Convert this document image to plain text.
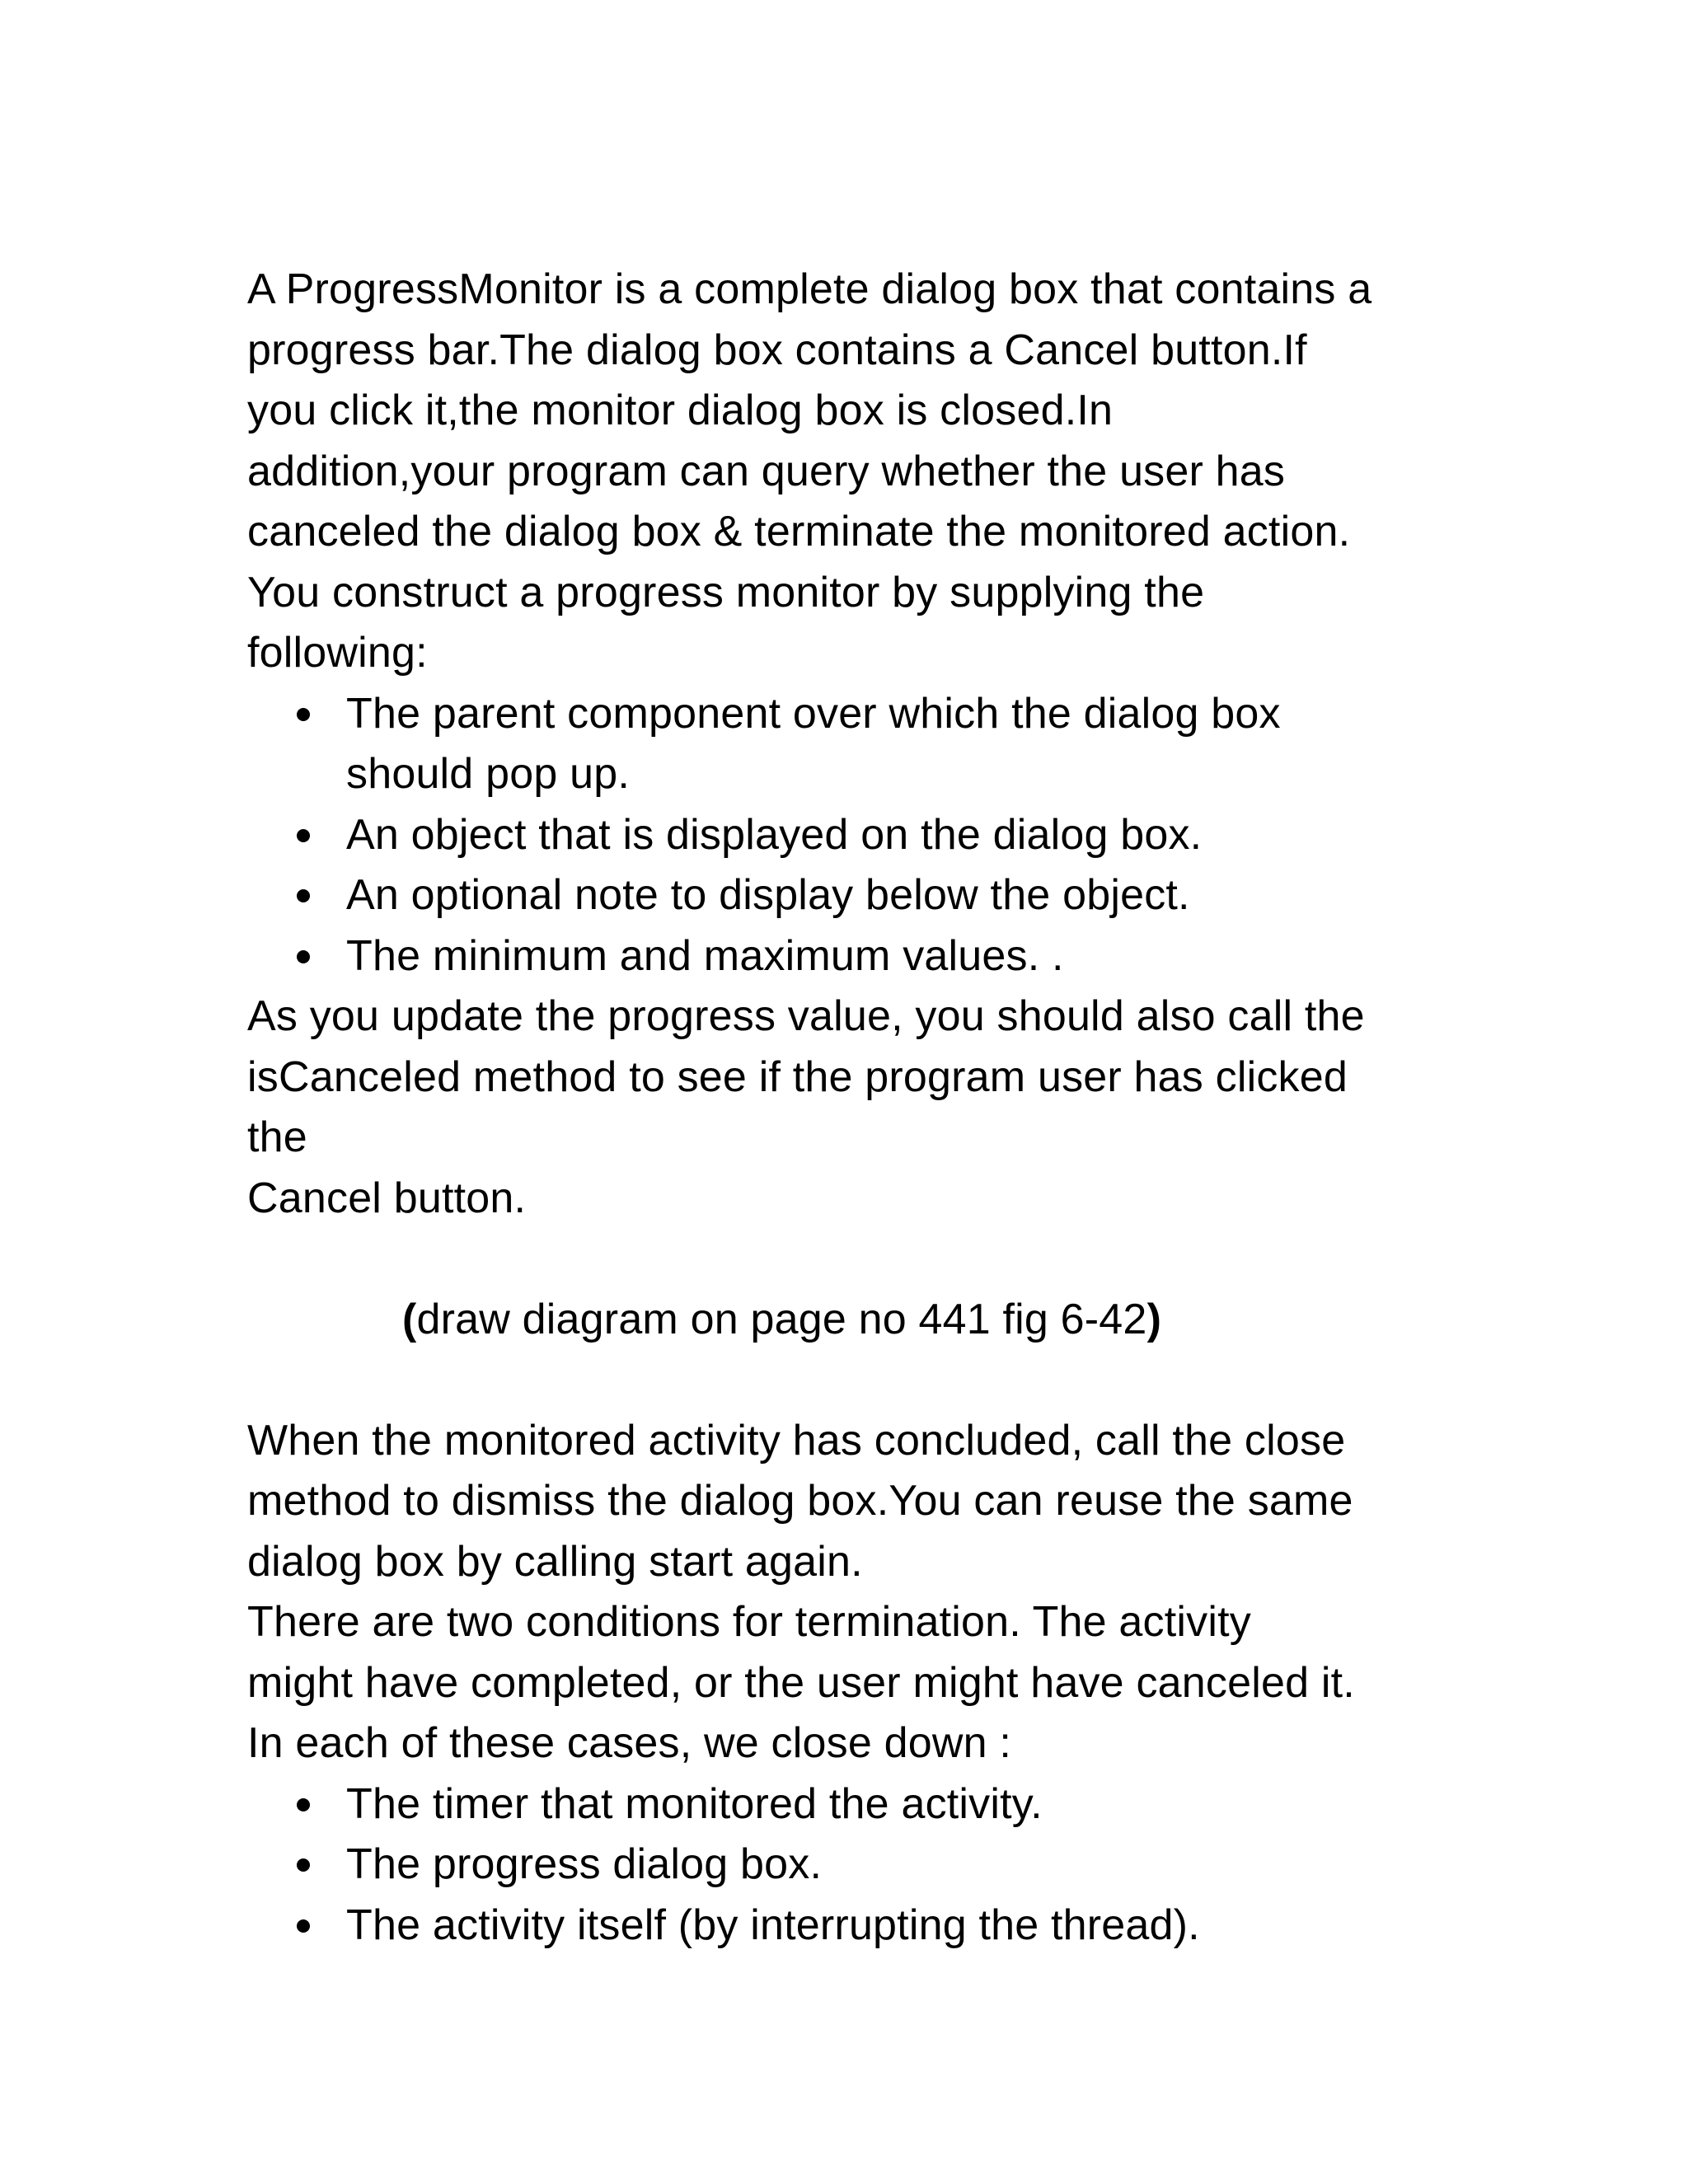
A ProgressMonitor is a complete dialog box that contains a
progress bar.The dialog box contains a Cancel button.If
you click it,the monitor dialog box is closed.In
addition,your program can query whether the user has
canceled the dialog box & terminate the monitored action.
You construct a progress monitor by supplying the
following:
The parent component over which the dialog box
should pop up.
An object that is displayed on the dialog box.
An optional note to display below the object.
The minimum and maximum values. .
As you update the progress value, you should also call the
isCanceled method to see if the program user has clicked
the
Cancel button.
(draw diagram on page no 441 fig 6-42)
When the monitored activity has concluded, call the close
method to dismiss the dialog box.You can reuse the same
dialog box by calling start again.
There are two conditions for termination. The activity
might have completed, or the user might have canceled it.
In each of these cases, we close down :
The timer that monitored the activity.
The progress dialog box.
The activity itself (by interrupting the thread).
